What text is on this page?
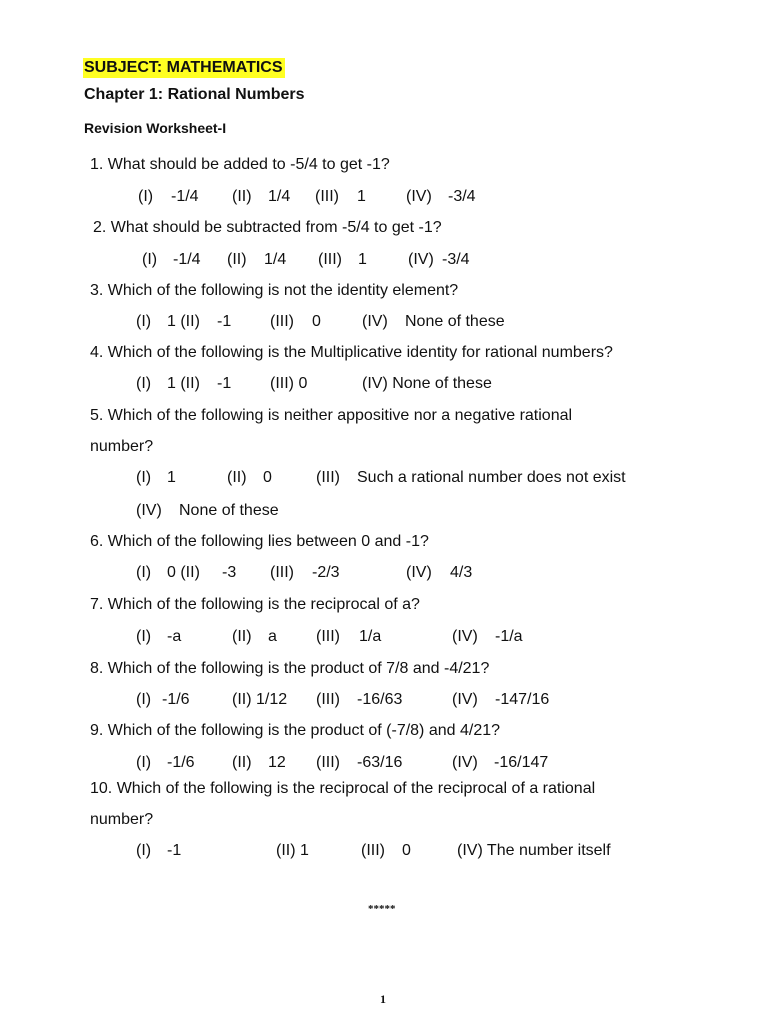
SUBJECT: MATHEMATICS
Chapter 1: Rational Numbers
Revision Worksheet-I
1. What should be added to -5/4 to get -1?
(I) -1/4 (II) 1/4 (III) 1	(IV) -3/4
2. What should be subtracted from -5/4 to get -1?
(I) -1/4 (II) 1/4 (III) 1	(IV) -3/4
3. Which of the following is not the identity element?
(I) 1 (II) -1 (III) 0	(IV) None of these
4. Which of the following is the Multiplicative identity for rational numbers?
(I) 1 (II) -1 (III) 0	(IV) None of these
5. Which of the following is neither appositive nor a negative rational
number?
(I) 1	(II) 0	(III) Such a rational number does not exist
(IV) None of these
6. Which of the following lies between 0 and -1?
(I) 0 (II) -3 (III) -2/3	(IV) 4/3
7. Which of the following is the reciprocal of a?
(I) -a	(II) a (III) 1/a	(IV) -1/a
8. Which of the following is the product of 7/8 and -4/21?
(I) -1/6	(II) 1/12 (III) -16/63	(IV) -147/16
9. Which of the following is the product of (-7/8) and 4/21?
(I) -1/6 (II) 12 (III) -63/16	(IV) -16/147
10. Which of the following is the reciprocal of the reciprocal of a rational
number?
(I) -1	(II) 1	(III) 0	(IV) The number itself
*****
1
